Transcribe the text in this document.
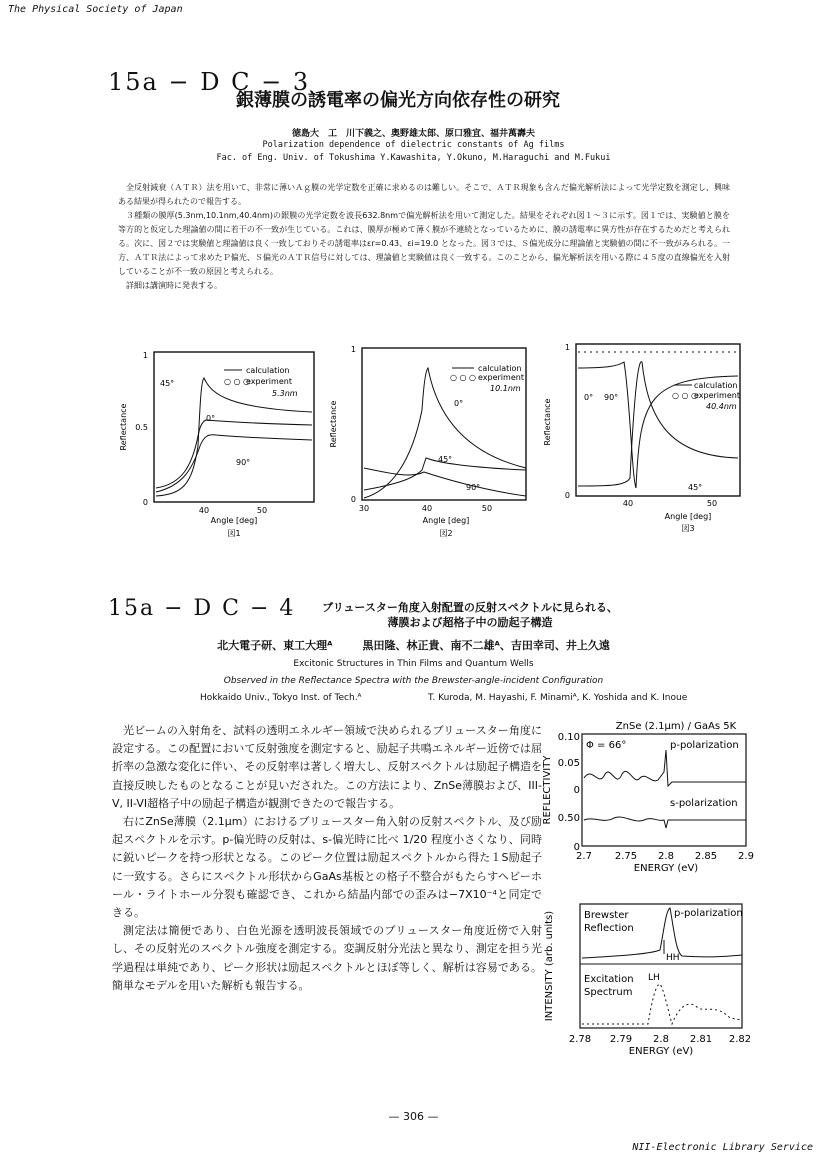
The Physical Society of Japan
15a − D C − 3
銀薄膜の誘電率の偏光方向依存性の研究
徳島大　工　川下義之、奥野雄太郎、原口雅宜、福井萬壽夫
Polarization dependence of dielectric constants of Ag films
Fac. of Eng. Univ. of Tokushima Y.Kawashita, Y.Okuno, M.Haraguchi and M.Fukui

全反射減衰（ＡＴＲ）法を用いて、非常に薄いＡｇ膜の光学定数を正確に求めるのは難しい。そこで、ＡＴＲ現象も含んだ偏光解析法によって光学定数を測定し、興味ある結果が得られたので報告する。

３種類の膜厚(5.3nm,10.1nm,40.4nm)の銀膜の光学定数を波長632.8nmで偏光解析法を用いて測定した。結果をそれぞれ図１～３に示す。図１では、実験値と膜を等方的と仮定した理論値の間に若干の不一致が生じている。これは、膜厚が極めて薄く膜が不連続となっているために、膜の誘電率に異方性が存在するためだと考えられる。次に、図２では実験値と理論値は良く一致しておりその誘電率はεr=0.43、εi=19.0 となった。図３では、Ｓ偏光成分に理論値と実験値の間に不一致がみられる。一方、ＡＴＲ法によって求めたＰ偏光、Ｓ偏光のＡＴＲ信号に対しては、理論値と実験値は良く一致する。このことから、偏光解析法を用いる際に４５度の直線偏光を入射していることが不一致の原因と考えられる。

詳細は講演時に発表する。

0
0.5
1
40	50
Angle [deg]
図1
Reflectance
calculation
○ ○ ○
experiment
5.3nm
45°
0°
90°
0
1
30	40	50
Angle [deg]
図2
Reflectance
calculation
○ ○ ○ experiment
10.1nm
0°
45°
90°
0
1
40	50
Angle [deg]
図3
Reflectance
calculation
○ ○ ○
experiment
40.4nm
0° 90°
45°
15a − D C − 4	ブリュースター角度入射配置の反射スペクトルに見られる、
薄膜および超格子中の励起子構造
北大電子研、東工大理ᴬ	黒田隆、林正貴、南不二雄ᴬ、吉田幸司、井上久遠
Excitonic Structures in Thin Films and Quantum Wells
Observed in the Reflectance Spectra with the Brewster-angle-incident Configuration
Hokkaido Univ., Tokyo Inst. of Tech.ᴬ	T. Kuroda, M. Hayashi, F. Minamiᴬ, K. Yoshida and K. Inoue

光ビームの入射角を、試料の透明エネルギー領域で決められるブリュースター角度に設定する。この配置において反射強度を測定すると、励起子共鳴エネルギー近傍では屈折率の急激な変化に伴い、その反射率は著しく増大し、反射スペクトルは励起子構造を直接反映したものとなることが見いだされた。この方法により、ZnSe薄膜および、III-V, II-VI超格子中の励起子構造が観測できたので報告する。

右にZnSe薄膜（2.1μm）におけるブリュースター角入射の反射スペクトル、及び励起スペクトルを示す。p-偏光時の反射は、s-偏光時に比べ 1/20 程度小さくなり、同時に鋭いピークを持つ形状となる。このピーク位置は励起スペクトルから得た１S励起子に一致する。さらにスペクトル形状からGaAs基板との格子不整合がもたらすヘビーホール・ライトホール分裂も確認でき、これから結晶内部での歪みは−7X10⁻⁴と同定できる。

測定法は簡便であり、白色光源を透明波長領域でのブリュースター角度近傍で入射し、その反射光のスペクトル強度を測定する。変調反射分光法と異なり、測定を担う光学過程は単純であり、ピーク形状は励起スペクトルとほぼ等しく、解析は容易である。簡単なモデルを用いた解析も報告する。

ZnSe (2.1μm) / GaAs 5K
0.10
0.05
0
0.50
0
REFLECTIVITY
Φ = 66°	p-polarization
s-polarization
2.7 2.75 2.8 2.85 2.9
ENERGY (eV)
INTENSITY (arb. units)	Brewster
Reflection
p-polarization
HH
LH
Excitation
Spectrum
2.78 2.79 2.8 2.81 2.82
ENERGY (eV)
— 306 —
NII-Electronic Library Service
